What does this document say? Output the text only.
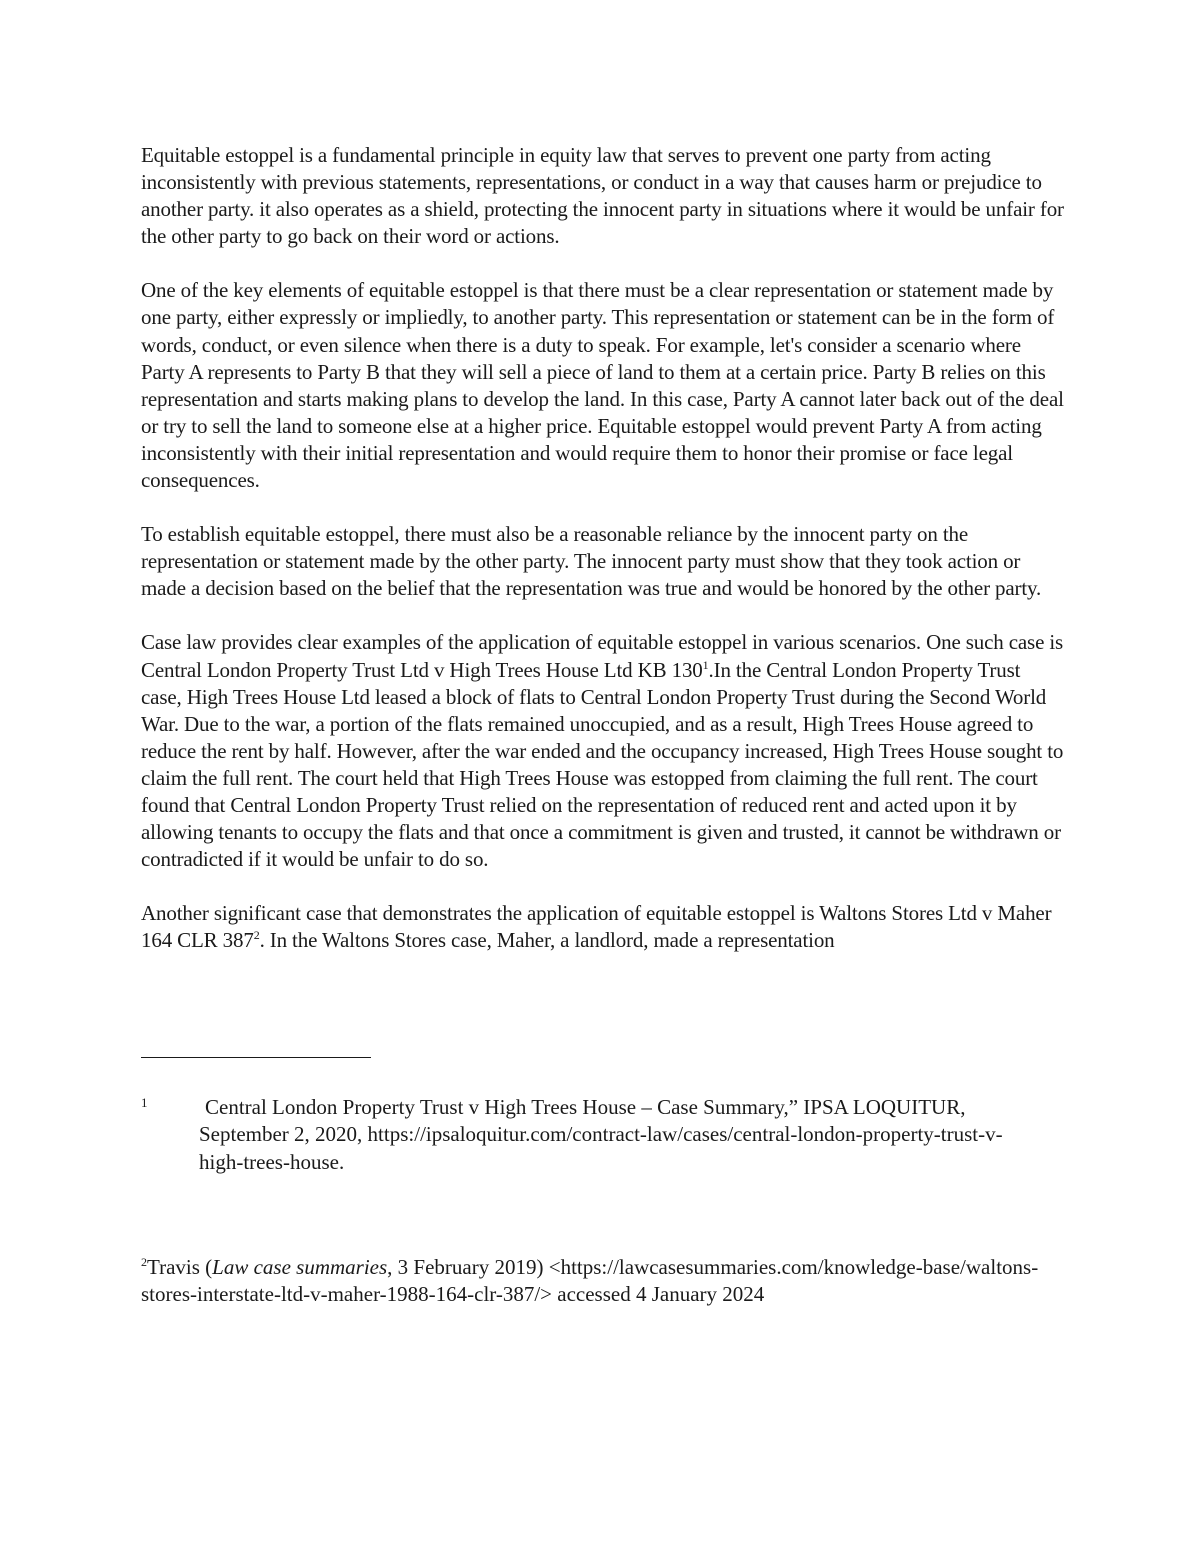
Equitable estoppel is a fundamental principle in equity law that serves to prevent one party from acting inconsistently with previous statements, representations, or conduct in a way that causes harm or prejudice to another party. it also operates as a shield, protecting the innocent party in situations where it would be unfair for the other party to go back on their word or actions.

One of the key elements of equitable estoppel is that there must be a clear representation or statement made by one party, either expressly or impliedly, to another party. This representation or statement can be in the form of words, conduct, or even silence when there is a duty to speak. For example, let's consider a scenario where Party A represents to Party B that they will sell a piece of land to them at a certain price. Party B relies on this representation and starts making plans to develop the land. In this case, Party A cannot later back out of the deal or try to sell the land to someone else at a higher price. Equitable estoppel would prevent Party A from acting inconsistently with their initial representation and would require them to honor their promise or face legal consequences.

To establish equitable estoppel, there must also be a reasonable reliance by the innocent party on the representation or statement made by the other party. The innocent party must show that they took action or made a decision based on the belief that the representation was true and would be honored by the other party.

Case law provides clear examples of the application of equitable estoppel in various scenarios. One such case is Central London Property Trust Ltd v High Trees House Ltd KB $130^1.In$ the Central London Property Trust case, High Trees House Ltd leased a block of flats to Central London Property Trust during the Second World War. Due to the war, a portion of the flats remained unoccupied, and as a result, High Trees House agreed to reduce the rent by half. However, after the war ended and the occupancy increased, High Trees House sought to claim the full rent. The court held that High Trees House was estopped from claiming the full rent. The court found that Central London Property Trust relied on the representation of reduced rent and acted upon it by allowing tenants to occupy the flats and that once a commitment is given and trusted, it cannot be withdrawn or contradicted if it would be unfair to do so.

Another significant case that demonstrates the application of equitable estoppel is Waltons Stores Ltd v Maher 164 CLR $387^2$. In the Waltons Stores case, Maher, a landlord, made a representation

1	Central London Property Trust v High Trees House – Case Summary,” IPSA LOQUITUR, September 2, 2020, https://ipsaloquitur.com/contract-law/cases/central-london-property-trust-v-high-trees-house.
$^2$Travis (Law case summaries, 3 February 2019) <https://lawcasesummaries.com/knowledge-base/waltons-stores-interstate-ltd-v-maher-1988-164-clr-387/> accessed 4 January 2024
